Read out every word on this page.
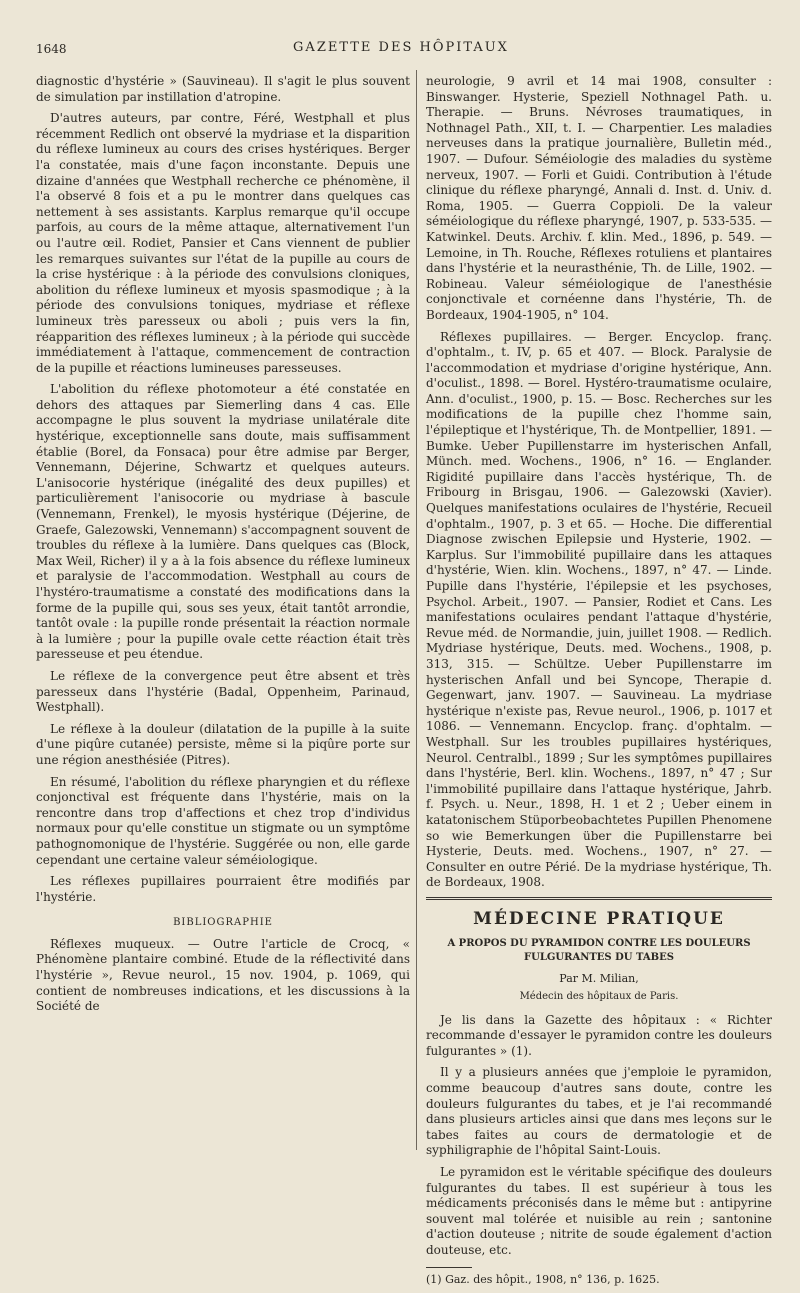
1648	GAZETTE DES HÔPITAUX

diagnostic d'hystérie » (Sauvineau). Il s'agit le plus souvent de simulation par instillation d'atropine.

D'autres auteurs, par contre, Féré, Westphall et plus récemment Redlich ont observé la mydriase et la disparition du réflexe lumineux au cours des crises hystériques. Berger l'a constatée, mais d'une façon inconstante. Depuis une dizaine d'années que Westphall recherche ce phénomène, il l'a observé 8 fois et a pu le montrer dans quelques cas nettement à ses assistants. Karplus remarque qu'il occupe parfois, au cours de la même attaque, alternativement l'un ou l'autre œil. Rodiet, Pansier et Cans viennent de publier les remarques suivantes sur l'état de la pupille au cours de la crise hystérique : à la période des convulsions cloniques, abolition du réflexe lumineux et myosis spasmodique ; à la période des convulsions toniques, mydriase et réflexe lumineux très paresseux ou aboli ; puis vers la fin, réapparition des réflexes lumineux ; à la période qui succède immédiatement à l'attaque, commencement de contraction de la pupille et réactions lumineuses paresseuses.

L'abolition du réflexe photomoteur a été constatée en dehors des attaques par Siemerling dans 4 cas. Elle accompagne le plus souvent la mydriase unilatérale dite hystérique, exceptionnelle sans doute, mais suffisamment établie (Borel, da Fonsaca) pour être admise par Berger, Vennemann, Déjerine, Schwartz et quelques auteurs. L'anisocorie hystérique (inégalité des deux pupilles) et particulièrement l'anisocorie ou mydriase à bascule (Vennemann, Frenkel), le myosis hystérique (Déjerine, de Graefe, Galezowski, Vennemann) s'accompagnent souvent de troubles du réflexe à la lumière. Dans quelques cas (Block, Max Weil, Richer) il y a à la fois absence du réflexe lumineux et paralysie de l'accommodation. Westphall au cours de l'hystéro-traumatisme a constaté des modifications dans la forme de la pupille qui, sous ses yeux, était tantôt arrondie, tantôt ovale : la pupille ronde présentait la réaction normale à la lumière ; pour la pupille ovale cette réaction était très paresseuse et peu étendue.

Le réflexe de la convergence peut être absent et très paresseux dans l'hystérie (Badal, Oppenheim, Parinaud, Westphall).

Le réflexe à la douleur (dilatation de la pupille à la suite d'une piqûre cutanée) persiste, même si la piqûre porte sur une région anesthésiée (Pitres).

En résumé, l'abolition du réflexe pharyngien et du réflexe conjonctival est fréquente dans l'hystérie, mais on la rencontre dans trop d'affections et chez trop d'individus normaux pour qu'elle constitue un stigmate ou un symptôme pathognomonique de l'hystérie. Suggérée ou non, elle garde cependant une certaine valeur séméiologique.

Les réflexes pupillaires pourraient être modifiés par l'hystérie.

BIBLIOGRAPHIE

Réflexes muqueux. — Outre l'article de Crocq, « Phénomène plantaire combiné. Etude de la réflectivité dans l'hystérie », Revue neurol., 15 nov. 1904, p. 1069, qui contient de nombreuses indications, et les discussions à la Société de

neurologie, 9 avril et 14 mai 1908, consulter : Binswanger. Hysterie, Speziell Nothnagel Path. u. Therapie. — Bruns. Névroses traumatiques, in Nothnagel Path., XII, t. I. — Charpentier. Les maladies nerveuses dans la pratique journalière, Bulletin méd., 1907. — Dufour. Séméiologie des maladies du système nerveux, 1907. — Forli et Guidi. Contribution à l'étude clinique du réflexe pharyngé, Annali d. Inst. d. Univ. d. Roma, 1905. — Guerra Coppioli. De la valeur séméiologique du réflexe pharyngé, 1907, p. 533-535. — Katwinkel. Deuts. Archiv. f. klin. Med., 1896, p. 549. — Lemoine, in Th. Rouche, Réflexes rotuliens et plantaires dans l'hystérie et la neurasthénie, Th. de Lille, 1902. — Robineau. Valeur séméiologique de l'anesthésie conjonctivale et cornéenne dans l'hystérie, Th. de Bordeaux, 1904-1905, n° 104.

Réflexes pupillaires. — Berger. Encyclop. franç. d'ophtalm., t. IV, p. 65 et 407. — Block. Paralysie de l'accommodation et mydriase d'origine hystérique, Ann. d'oculist., 1898. — Borel. Hystéro-traumatisme oculaire, Ann. d'oculist., 1900, p. 15. — Bosc. Recherches sur les modifications de la pupille chez l'homme sain, l'épileptique et l'hystérique, Th. de Montpellier, 1891. — Bumke. Ueber Pupillenstarre im hysterischen Anfall, Münch. med. Wochens., 1906, n° 16. — Englander. Rigidité pupillaire dans l'accès hystérique, Th. de Fribourg in Brisgau, 1906. — Galezowski (Xavier). Quelques manifestations oculaires de l'hystérie, Recueil d'ophtalm., 1907, p. 3 et 65. — Hoche. Die differential Diagnose zwischen Epilepsie und Hysterie, 1902. — Karplus. Sur l'immobilité pupillaire dans les attaques d'hystérie, Wien. klin. Wochens., 1897, n° 47. — Linde. Pupille dans l'hystérie, l'épilepsie et les psychoses, Psychol. Arbeit., 1907. — Pansier, Rodiet et Cans. Les manifestations oculaires pendant l'attaque d'hystérie, Revue méd. de Normandie, juin, juillet 1908. — Redlich. Mydriase hystérique, Deuts. med. Wochens., 1908, p. 313, 315. — Schültze. Ueber Pupillenstarre im hysterischen Anfall und bei Syncope, Therapie d. Gegenwart, janv. 1907. — Sauvineau. La mydriase hystérique n'existe pas, Revue neurol., 1906, p. 1017 et 1086. — Vennemann. Encyclop. franç. d'ophtalm. — Westphall. Sur les troubles pupillaires hystériques, Neurol. Centralbl., 1899 ; Sur les symptômes pupillaires dans l'hystérie, Berl. klin. Wochens., 1897, n° 47 ; Sur l'immobilité pupillaire dans l'attaque hystérique, Jahrb. f. Psych. u. Neur., 1898, H. 1 et 2 ; Ueber einem in katatonischem Stüporbeobachtetes Pupillen Phenomene so wie Bemerkungen über die Pupillenstarre bei Hysterie, Deuts. med. Wochens., 1907, n° 27. — Consulter en outre Périé. De la mydriase hystérique, Th. de Bordeaux, 1908.

MÉDECINE PRATIQUE
A PROPOS DU PYRAMIDON CONTRE LES DOULEURS FULGURANTES DU TABES
Par M. Milian,
Médecin des hôpitaux de Paris.

Je lis dans la Gazette des hôpitaux : « Richter recommande d'essayer le pyramidon contre les douleurs fulgurantes » (1).

Il y a plusieurs années que j'emploie le pyramidon, comme beaucoup d'autres sans doute, contre les douleurs fulgurantes du tabes, et je l'ai recommandé dans plusieurs articles ainsi que dans mes leçons sur le tabes faites au cours de dermatologie et de syphiligraphie de l'hôpital Saint-Louis.

Le pyramidon est le véritable spécifique des douleurs fulgurantes du tabes. Il est supérieur à tous les médicaments préconisés dans le même but : antipyrine souvent mal tolérée et nuisible au rein ; santonine d'action douteuse ; nitrite de soude également d'action douteuse, etc.

(1) Gaz. des hôpit., 1908, n° 136, p. 1625.
